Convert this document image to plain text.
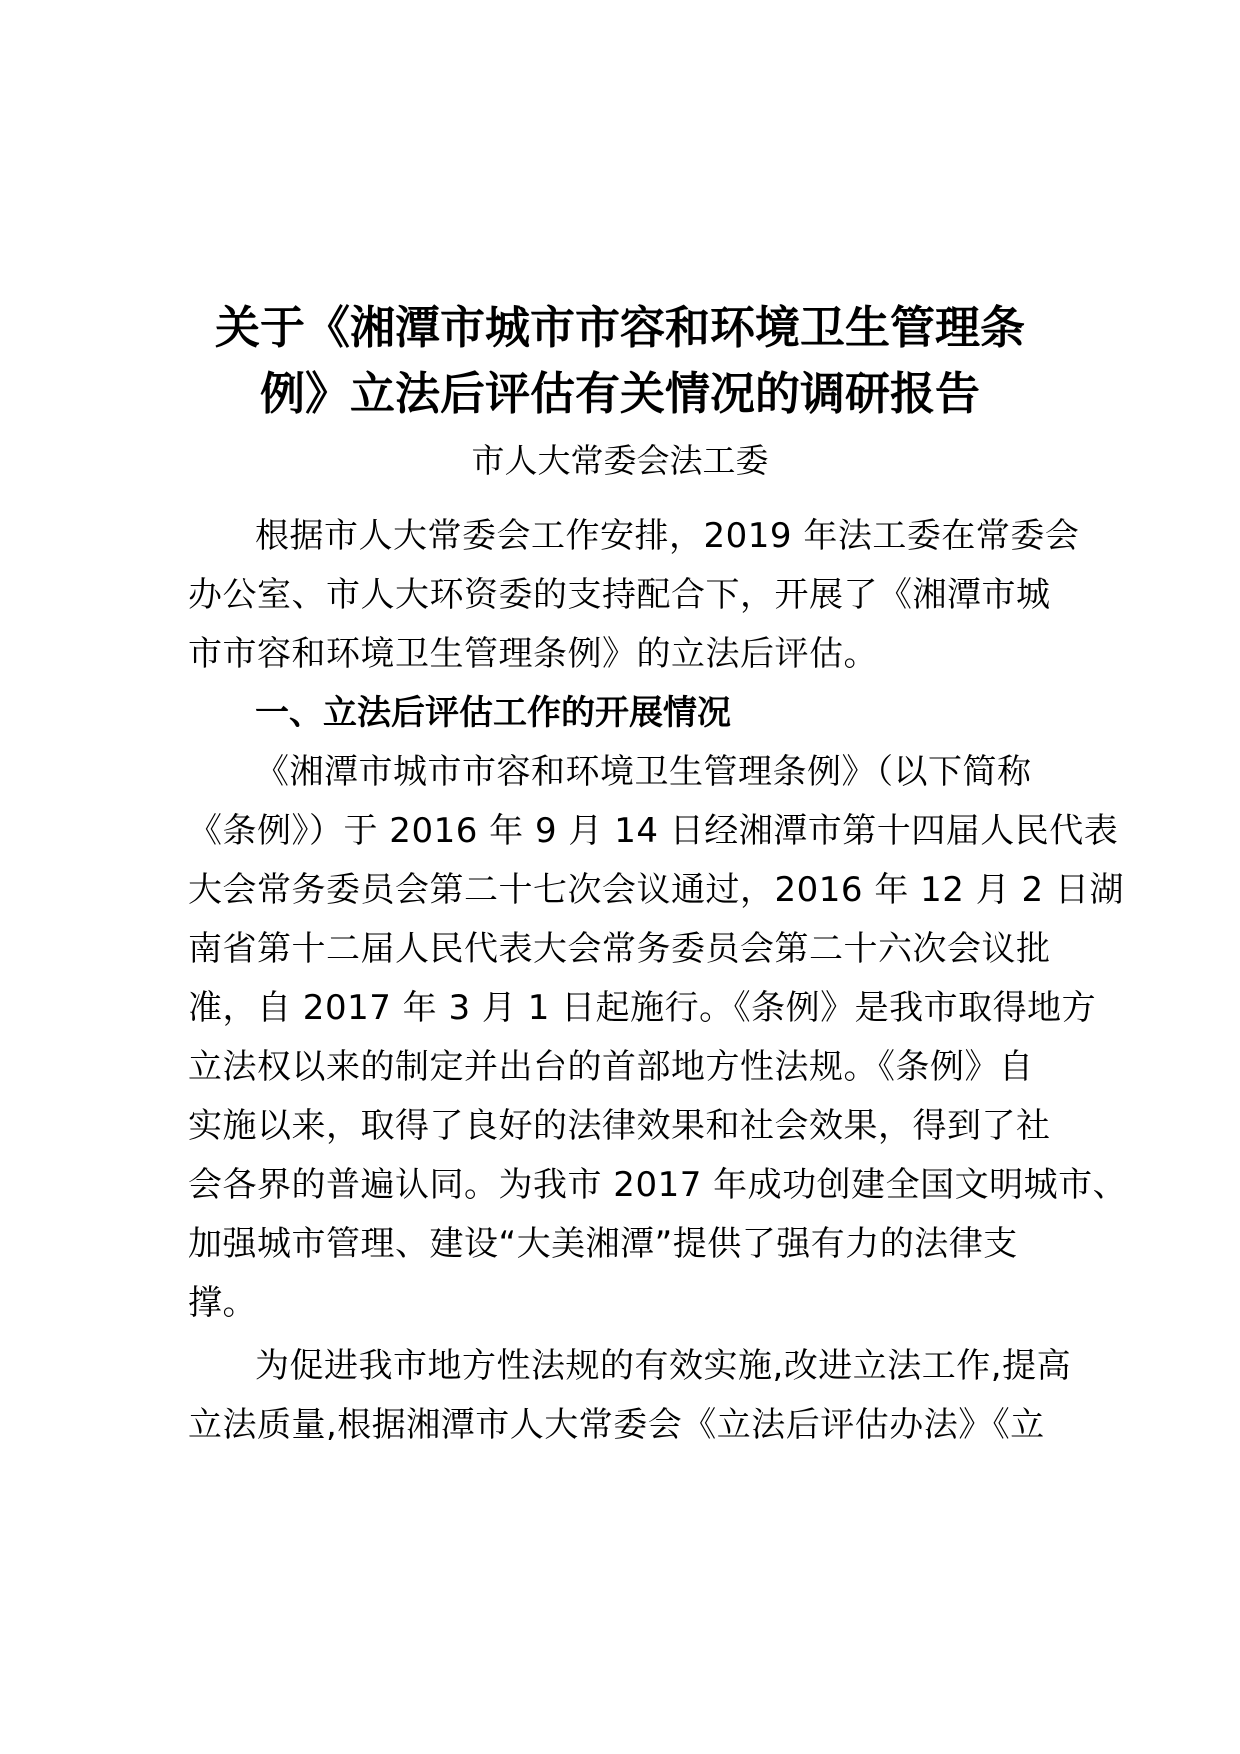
关于《湘潭市城市市容和环境卫生管理条
例》立法后评估有关情况的调研报告
市人大常委会法工委
根据市人大常委会工作安排，2019 年法工委在常委会
办公室、市人大环资委的支持配合下，开展了《湘潭市城
市市容和环境卫生管理条例》的立法后评估。
一、立法后评估工作的开展情况
《湘潭市城市市容和环境卫生管理条例》（以下简称
《条例》）于 2016 年 9 月 14 日经湘潭市第十四届人民代表
大会常务委员会第二十七次会议通过，2016 年 12 月 2 日湖
南省第十二届人民代表大会常务委员会第二十六次会议批
准，自 2017 年 3 月 1 日起施行。《条例》是我市取得地方
立法权以来的制定并出台的首部地方性法规。《条例》自
实施以来，取得了良好的法律效果和社会效果，得到了社
会各界的普遍认同。为我市 2017 年成功创建全国文明城市、
加强城市管理、建设“大美湘潭”提供了强有力的法律支
撑。
为促进我市地方性法规的有效实施,改进立法工作,提高
立法质量,根据湘潭市人大常委会《立法后评估办法》《立
